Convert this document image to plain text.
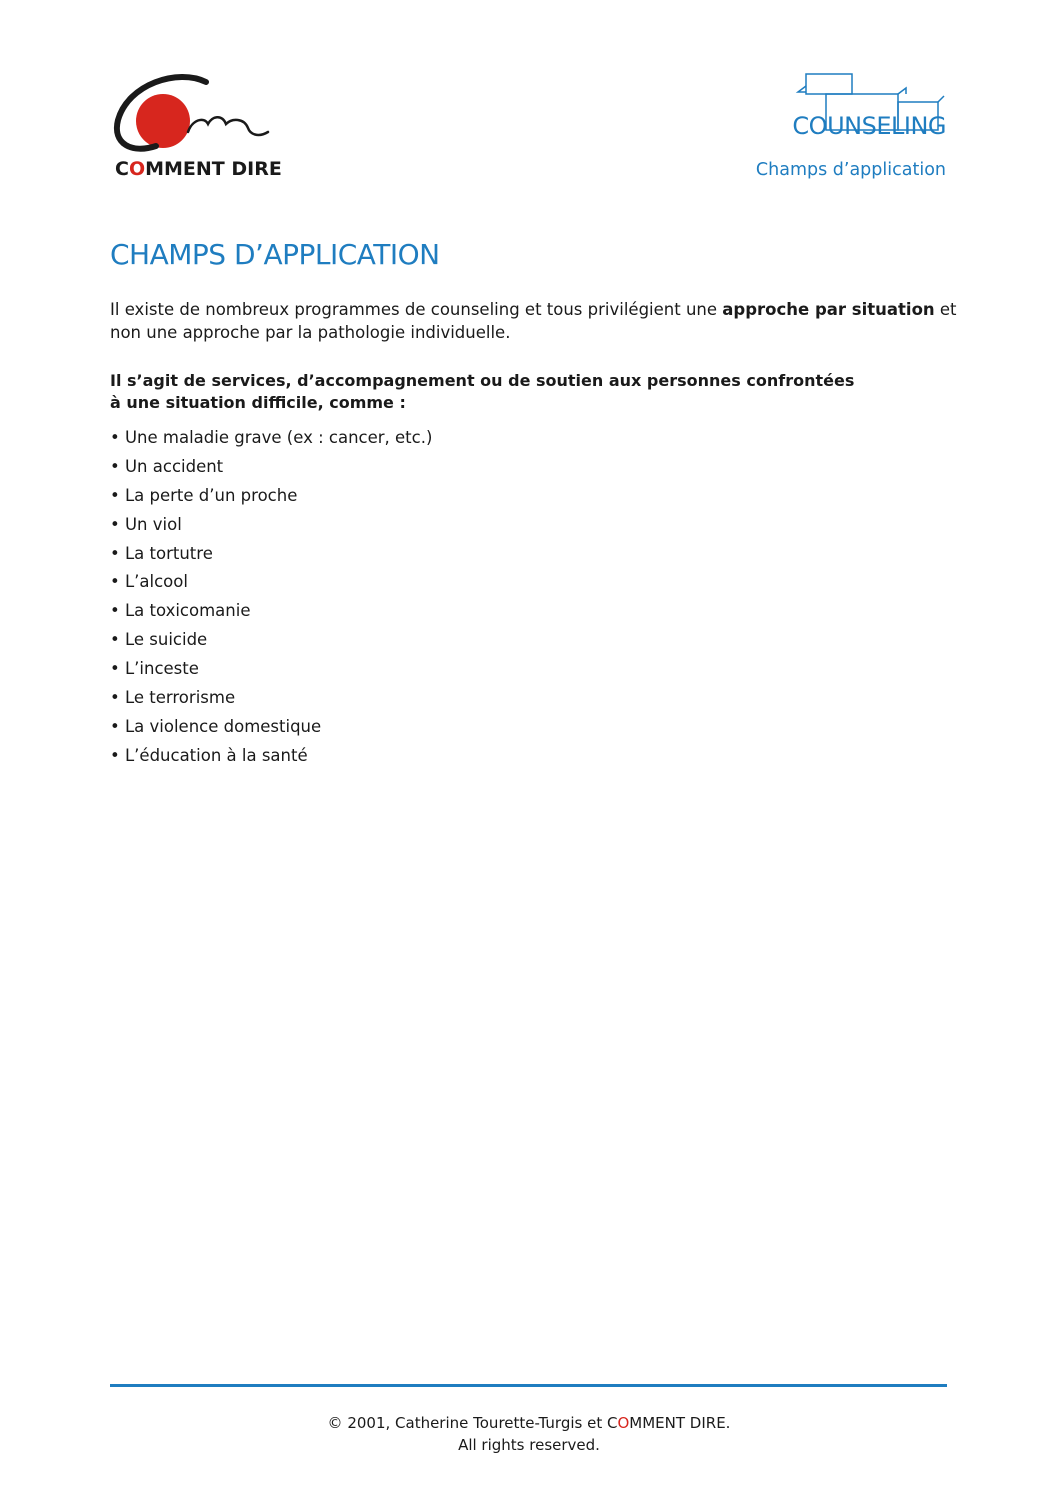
COMMENT DIRE
COUNSELING
Champs d’application
CHAMPS D’APPLICATION

Il existe de nombreux programmes de counseling et tous privilégient une approche par situation et non une approche par la pathologie individuelle.

Il s’agit de services, d’accompagnement ou de soutien aux personnes confrontées
à une situation difficile, comme :

• Une maladie grave (ex : cancer, etc.)
• Un accident
• La perte d’un proche
• Un viol
• La tortutre
• L’alcool
• La toxicomanie
• Le suicide
• L’inceste
• Le terrorisme
• La violence domestique
• L’éducation à la santé
© 2001, Catherine Tourette-Turgis et COMMENT DIRE.
All rights reserved.
